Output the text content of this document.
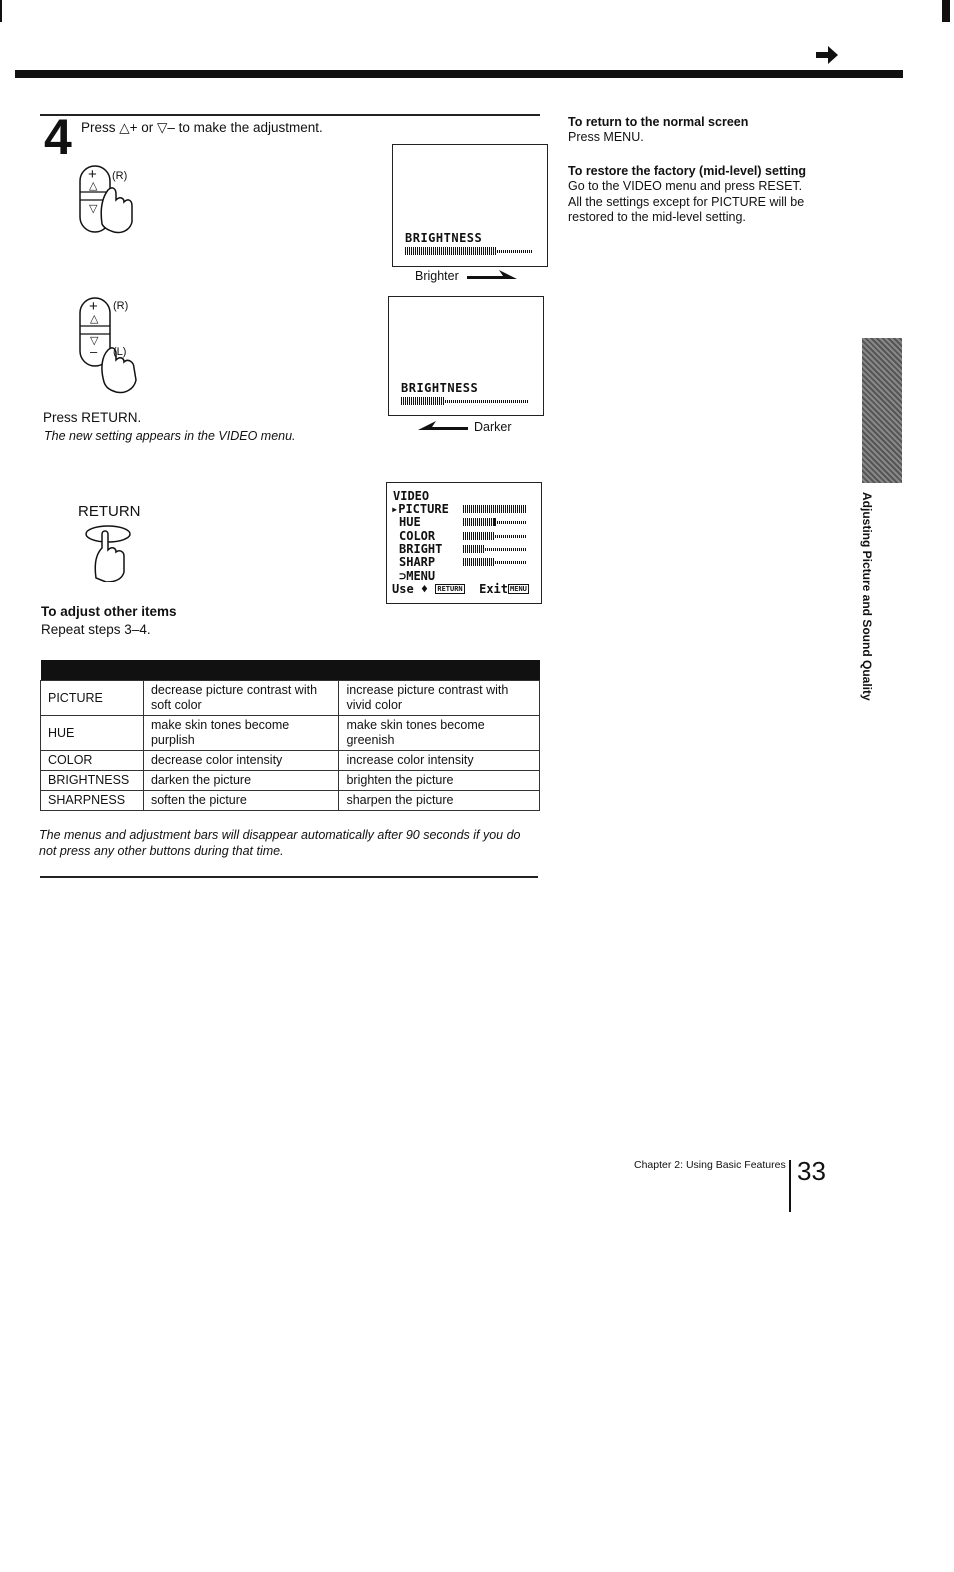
4 Press △+ or ▽– to make the adjustment.
+
△
▽
(R)
BRIGHTNESS
Brighter
+
△
▽
–
(R)
(L)
BRIGHTNESS
Darker
Press RETURN.
The new setting appears in the VIDEO menu.
RETURN
VIDEO
▸PICTURE
HUE
COLOR
BRIGHT
SHARP
⊃MENU
Use ♦ RETURN Exit MENU
To adjust other items
Repeat steps 3–4.

PICTURE	decrease picture contrast with soft color	increase picture contrast with vivid color
HUE	make skin tones become purplish	make skin tones become greenish
COLOR	decrease color intensity	increase color intensity
BRIGHTNESS	darken the picture	brighten the picture
SHARPNESS	soften the picture	sharpen the picture
The menus and adjustment bars will disappear automatically after 90 seconds if you do not press any other buttons during that time.
To return to the normal screen
Press MENU.
To restore the factory (mid-level) setting
Go to the VIDEO menu and press RESET. All the settings except for PICTURE will be restored to the mid-level setting.
Adjusting Picture and Sound Quality
Chapter 2: Using Basic Features 33
